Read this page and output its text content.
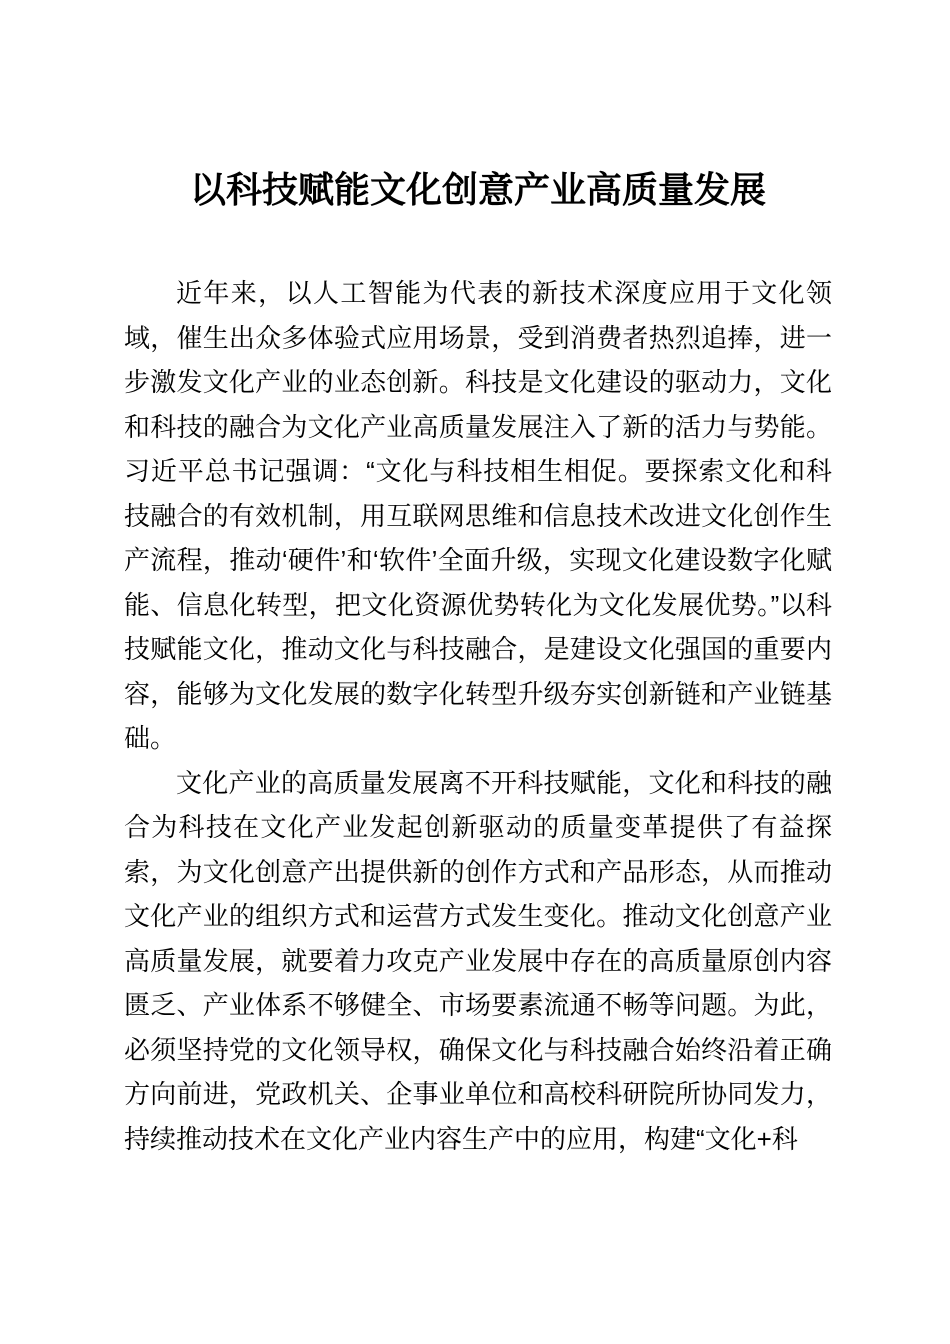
以科技赋能文化创意产业高质量发展

近年来，以人工智能为代表的新技术深度应用于文化领域，催生出众多体验式应用场景，受到消费者热烈追捧，进一步激发文化产业的业态创新。科技是文化建设的驱动力，文化和科技的融合为文化产业高质量发展注入了新的活力与势能。习近平总书记强调：“文化与科技相生相促。要探索文化和科技融合的有效机制，用互联网思维和信息技术改进文化创作生产流程，推动‘硬件’和‘软件’全面升级，实现文化建设数字化赋能、信息化转型，把文化资源优势转化为文化发展优势。”以科技赋能文化，推动文化与科技融合，是建设文化强国的重要内容，能够为文化发展的数字化转型升级夯实创新链和产业链基础。

文化产业的高质量发展离不开科技赋能，文化和科技的融合为科技在文化产业发起创新驱动的质量变革提供了有益探索，为文化创意产出提供新的创作方式和产品形态，从而推动文化产业的组织方式和运营方式发生变化。推动文化创意产业高质量发展，就要着力攻克产业发展中存在的高质量原创内容匮乏、产业体系不够健全、市场要素流通不畅等问题。为此，必须坚持党的文化领导权，确保文化与科技融合始终沿着正确方向前进，党政机关、企事业单位和高校科研院所协同发力，持续推动技术在文化产业内容生产中的应用，构建“文化+科
